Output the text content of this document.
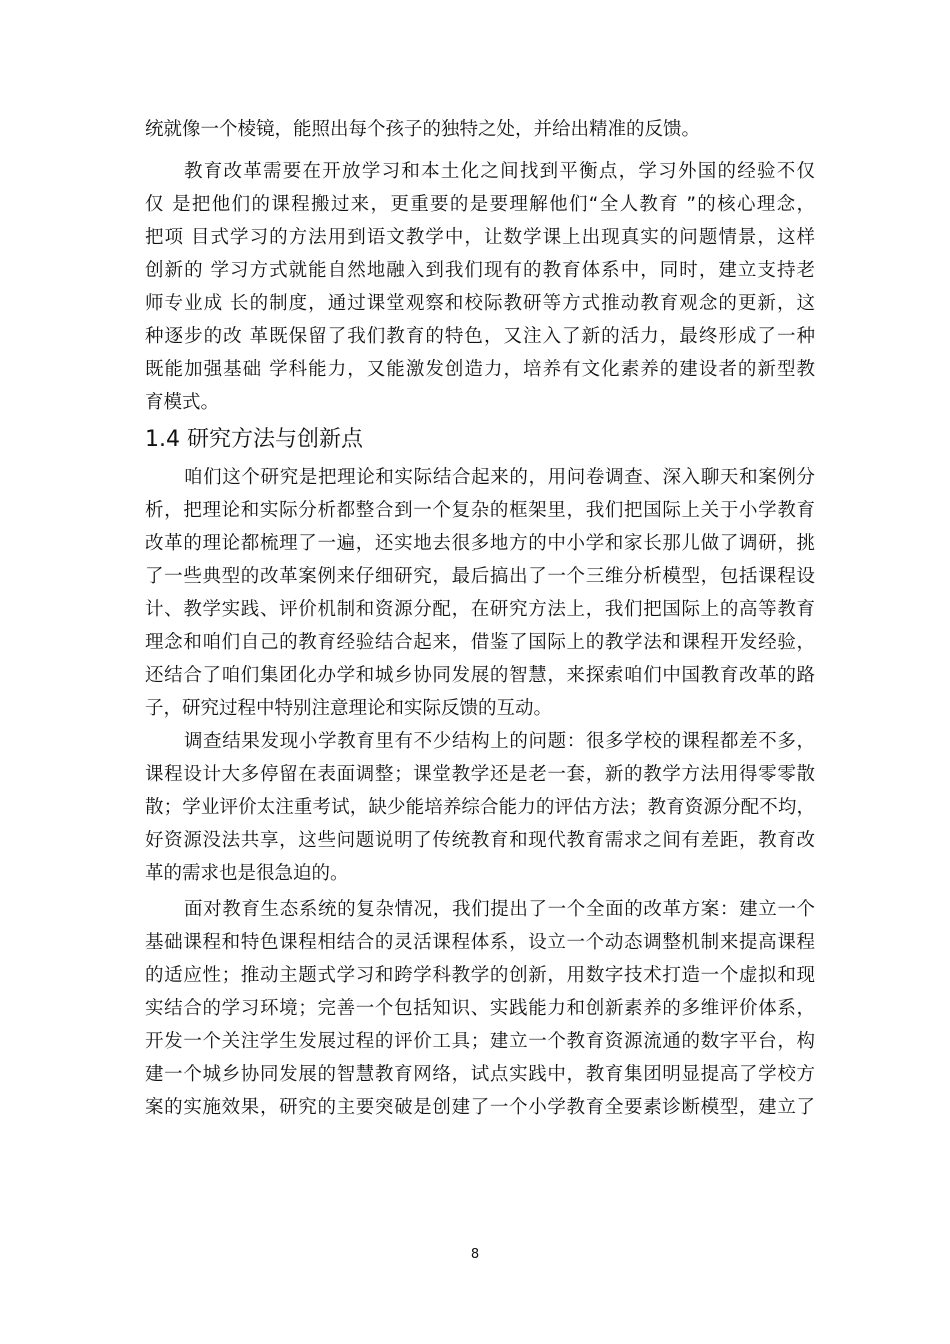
统就像一个棱镜，能照出每个孩子的独特之处，并给出精准的反馈。
教育改革需要在开放学习和本土化之间找到平衡点，学习外国的经验不仅
仅 是把他们的课程搬过来，更重要的是要理解他们“全人教育 ”的核心理念，
把项 目式学习的方法用到语文教学中，让数学课上出现真实的问题情景，这样
创新的 学习方式就能自然地融入到我们现有的教育体系中，同时，建立支持老
师专业成 长的制度，通过课堂观察和校际教研等方式推动教育观念的更新，这
种逐步的改 革既保留了我们教育的特色，又注入了新的活力，最终形成了一种
既能加强基础 学科能力，又能激发创造力，培养有文化素养的建设者的新型教
育模式。
1.4 研究方法与创新点
咱们这个研究是把理论和实际结合起来的，用问卷调查、深入聊天和案例分
析，把理论和实际分析都整合到一个复杂的框架里，我们把国际上关于小学教育
改革的理论都梳理了一遍，还实地去很多地方的中小学和家长那儿做了调研，挑
了一些典型的改革案例来仔细研究，最后搞出了一个三维分析模型，包括课程设
计、教学实践、评价机制和资源分配，在研究方法上，我们把国际上的高等教育
理念和咱们自己的教育经验结合起来，借鉴了国际上的教学法和课程开发经验，
还结合了咱们集团化办学和城乡协同发展的智慧，来探索咱们中国教育改革的路
子，研究过程中特别注意理论和实际反馈的互动。
调查结果发现小学教育里有不少结构上的问题：很多学校的课程都差不多，
课程设计大多停留在表面调整；课堂教学还是老一套，新的教学方法用得零零散
散；学业评价太注重考试，缺少能培养综合能力的评估方法；教育资源分配不均，
好资源没法共享，这些问题说明了传统教育和现代教育需求之间有差距，教育改
革的需求也是很急迫的。
面对教育生态系统的复杂情况，我们提出了一个全面的改革方案：建立一个
基础课程和特色课程相结合的灵活课程体系，设立一个动态调整机制来提高课程
的适应性；推动主题式学习和跨学科教学的创新，用数字技术打造一个虚拟和现
实结合的学习环境；完善一个包括知识、实践能力和创新素养的多维评价体系，
开发一个关注学生发展过程的评价工具；建立一个教育资源流通的数字平台，构
建一个城乡协同发展的智慧教育网络，试点实践中，教育集团明显提高了学校方
案的实施效果，研究的主要突破是创建了一个小学教育全要素诊断模型，建立了
8
